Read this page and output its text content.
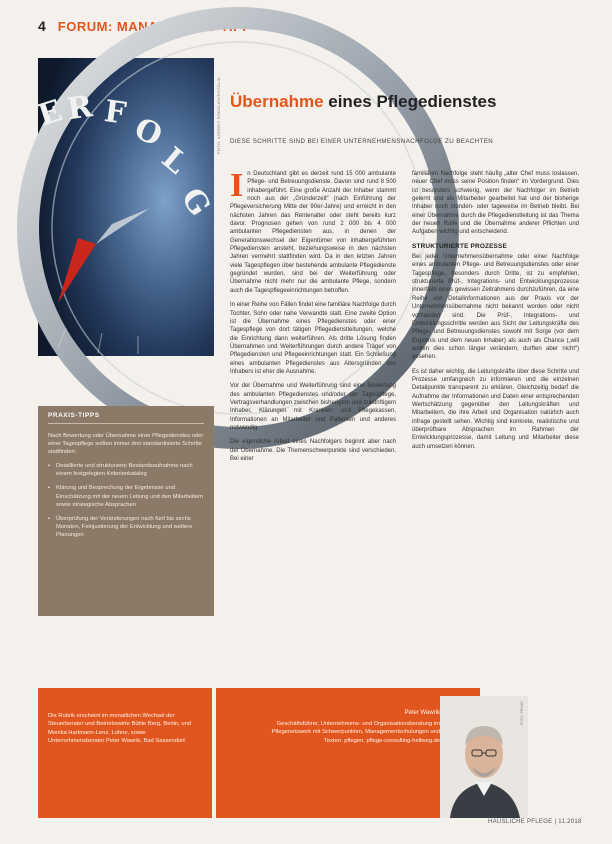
4 FORUM: MANAGEMENT-TIPP
E
R F O
L
G
FOTO: ANDREY SOKOLOV/FOTOLIA Übernahme eines Pflegedienstes
DIESE SCHRITTE SIND BEI EINER UNTERNEHMENSNACHFOLGE ZU BEACHTEN

In Deutschland gibt es derzeit rund 15 000 ambulante Pflege- und Betreuungsdienste. Davon sind rund 8 500 inhabergeführt. Eine große Anzahl der Inhaber stammt noch aus der „Gründerzeit“ (nach Einführung der Pflegeversicherung Mitte der 90er-Jahre) und erreicht in den nächsten Jahren das Rentenalter oder steht bereits kurz davor. Prognosen gehen von rund 2 000 bis 4 000 ambulanten Pflegediensten aus, in denen der Generationswechsel der Eigentümer von inhabergeführten Pflegediensten ansteht, beziehungsweise in den nächsten Jahren vermehrt stattfinden wird. Da in den letzten Jahren viele Tagespflegen über bestehende ambulante Pflegedienste gegründet wurden, sind bei der Weiterführung oder Übernahme nicht mehr nur die ambulante Pflege, sondern auch die Tagespflegeeinrichtungen betroffen.

In einer Reihe von Fällen findet eine familiäre Nachfolge durch Tochter, Sohn oder nahe Verwandte statt. Eine zweite Option ist die Übernahme eines Pflegedienstes oder einer Tagespflege von dort tätigen Pflegedienstleitungen, welche die Einrichtung dann weiterführen. Als dritte Lösung finden Übernahmen und Weiterführungen durch andere Träger von Pflegediensten und Pflegeeinrichtungen statt. Ein Schließung eines ambulanten Pflegedienstes aus Altersgründen des Inhabers ist eher die Ausnahme.

Vor der Übernahme und Weiterführung sind eine Bewertung des ambulanten Pflegedienstes und/oder der Tagespflege, Vertragsverhandlungen zwischen bisherigem und zukünftigem Inhaber, Klärungen mit Kranken- und Pflegekassen, Informationen an Mitarbeiter und Patienten und anderes notwendig.

Die eigentliche Arbeit eines Nachfolgers beginnt aber nach der Übernahme. Die Themenschwerpunkte sind verschieden. Bei einer

familiären Nachfolge steht häufig „alter Chef muss loslassen, neuer Chef muss seine Position finden“ im Vordergrund. Dies ist besonders schwierig, wenn der Nachfolger im Betrieb gelernt und als Mitarbeiter gearbeitet hat und der bisherige Inhaber noch stunden- oder tageweise im Betrieb bleibt. Bei einer Übernahme durch die Pflegedienstleitung ist das Thema der neuen Rolle und die Übernahme anderer Pflichten und Aufgaben wichtig und entscheidend.

STRUKTURIERTE PROZESSE

Bei jeder Unternehmensübernahme oder einer Nachfolge eines ambulanten Pflege- und Betreuungsdienstes oder einer Tagespflege, besonders durch Dritte, ist zu empfehlen, strukturierte Prüf-, Integrations- und Entwicklungsprozesse innerhalb eines gewissen Zeitrahmens durchzuführen, da eine Reihe von Detailinformationen aus der Praxis vor der Unternehmensübernahme nicht bekannt worden oder nicht vorhanden sind. Die Prüf-, Integrations- und Entwicklungsschritte werden aus Sicht der Leitungskräfte des Pflege- und Betreuungsdienstes sowohl mit Sorge (vor dem Ergebnis und dem neuen Inhaber) als auch als Chance („will wollen dies schon länger verändern, durften aber nicht“) gesehen.

Es ist daher wichtig, die Leitungskräfte über diese Schritte und Prozesse umfangreich zu informieren und die einzelnen Detailpunkte transparent zu erklären. Gleichzeitig bedarf die Aufnahme der Informationen und Daten einer entsprechenden Wertschätzung gegenüber den Leitungskräften und Mitarbeitern, die ihre Arbeit und Organisation natürlich auch infrage gestellt sehen. Wichtig sind konkrete, realistische und überprüfbare Absprachen im Rahmen der Entwicklungsprozesse, damit Leitung und Mitarbeiter diese auch umsetzen können.

PRAXIS-TIPPS
Nach Bewertung oder Übernahme einer Pflegedienstes oder einer Tagespflege sollten immer drei standardisierte Schritte stattfinden:
• Detaillierte und strukturierte Bestandsaufnahme nach einem festgelegten Kriterienkatalog
• Klärung und Besprechung der Ergebnisse und Einschätzung mit der neuen Leitung und den Mitarbeitern sowie strategische Absprachen
• Überprüfung der Veränderungen nach fünf bis sechs Monaten, Feinjustierung der Entwicklung und weitere Planungen
Die Rubrik erscheint im monatlichen Wechsel der Steuerberater und Betriebswirte Bühle Berg, Berlin, und Monika Hartmann-Lenz, Lohne, sowie Unternehmensberater Peter Wawrik, Bad Sassendorf.
Peter Wawrik
Geschäftsführer, Unternehmens- und Organisationsberatung im Pflegenetzwerk mit Schwerpunkten, Managementschulungen und Texten. pflegen, pflege-consulting-hellweg.de
FOTO: PRIVAT
HÄUSLICHE PFLEGE | 11.2018
